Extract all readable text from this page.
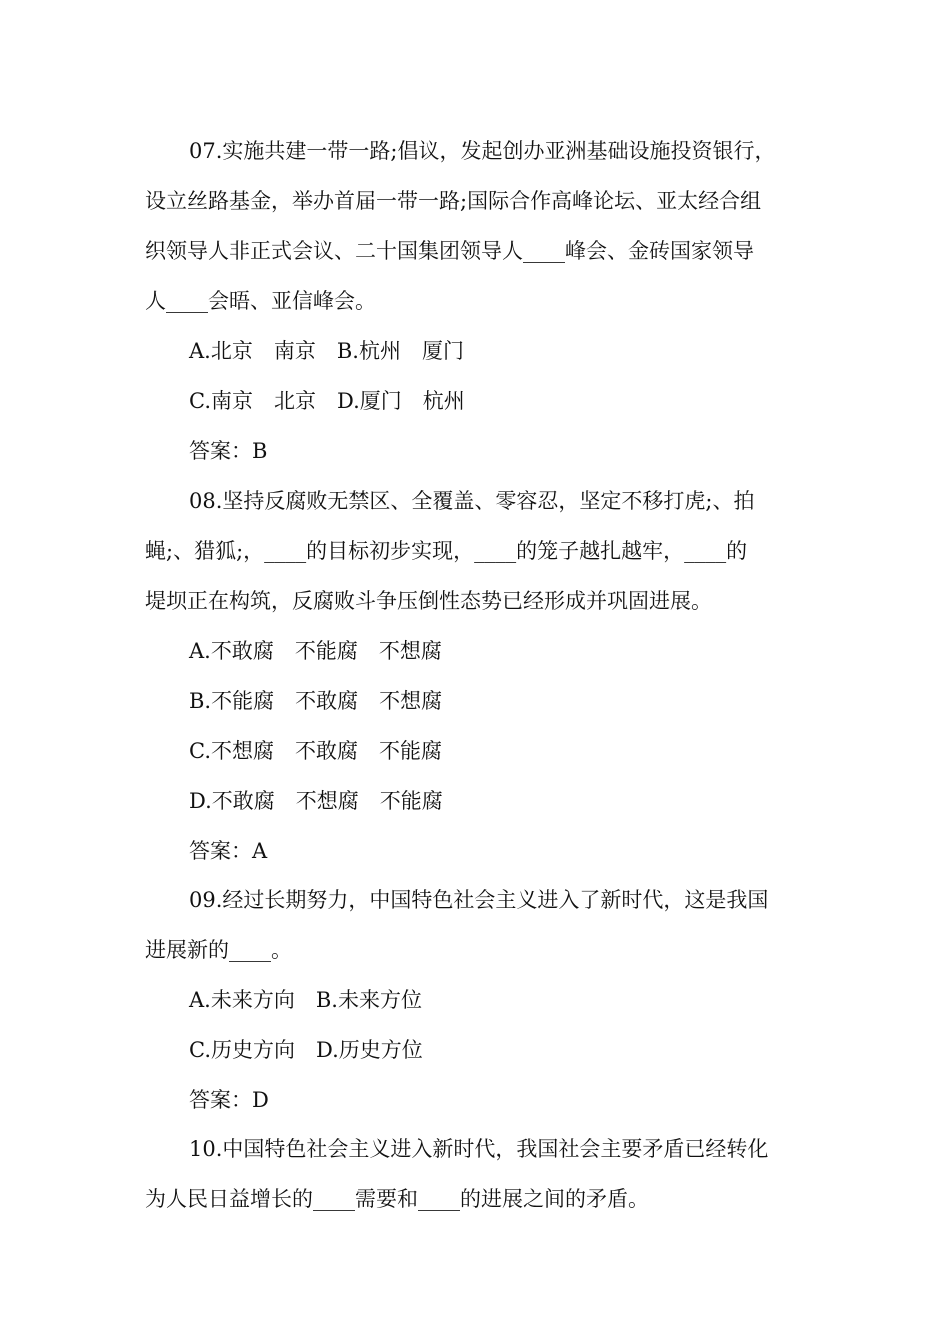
07.实施共建一带一路;倡议，发起创办亚洲基础设施投资银行，
设立丝路基金，举办首届一带一路;国际合作高峰论坛、亚太经合组
织领导人非正式会议、二十国集团领导人____峰会、金砖国家领导
人____会晤、亚信峰会。
A.北京　南京　B.杭州　厦门
C.南京　北京　D.厦门　杭州
答案：B
08.坚持反腐败无禁区、全覆盖、零容忍，坚定不移打虎;、拍
蝇;、猎狐;，____的目标初步实现，____的笼子越扎越牢，____的
堤坝正在构筑，反腐败斗争压倒性态势已经形成并巩固进展。
A.不敢腐　不能腐　不想腐
B.不能腐　不敢腐　不想腐
C.不想腐　不敢腐　不能腐
D.不敢腐　不想腐　不能腐
答案：A
09.经过长期努力，中国特色社会主义进入了新时代，这是我国
进展新的____。
A.未来方向　B.未来方位
C.历史方向　D.历史方位
答案：D
10.中国特色社会主义进入新时代，我国社会主要矛盾已经转化
为人民日益增长的____需要和____的进展之间的矛盾。
